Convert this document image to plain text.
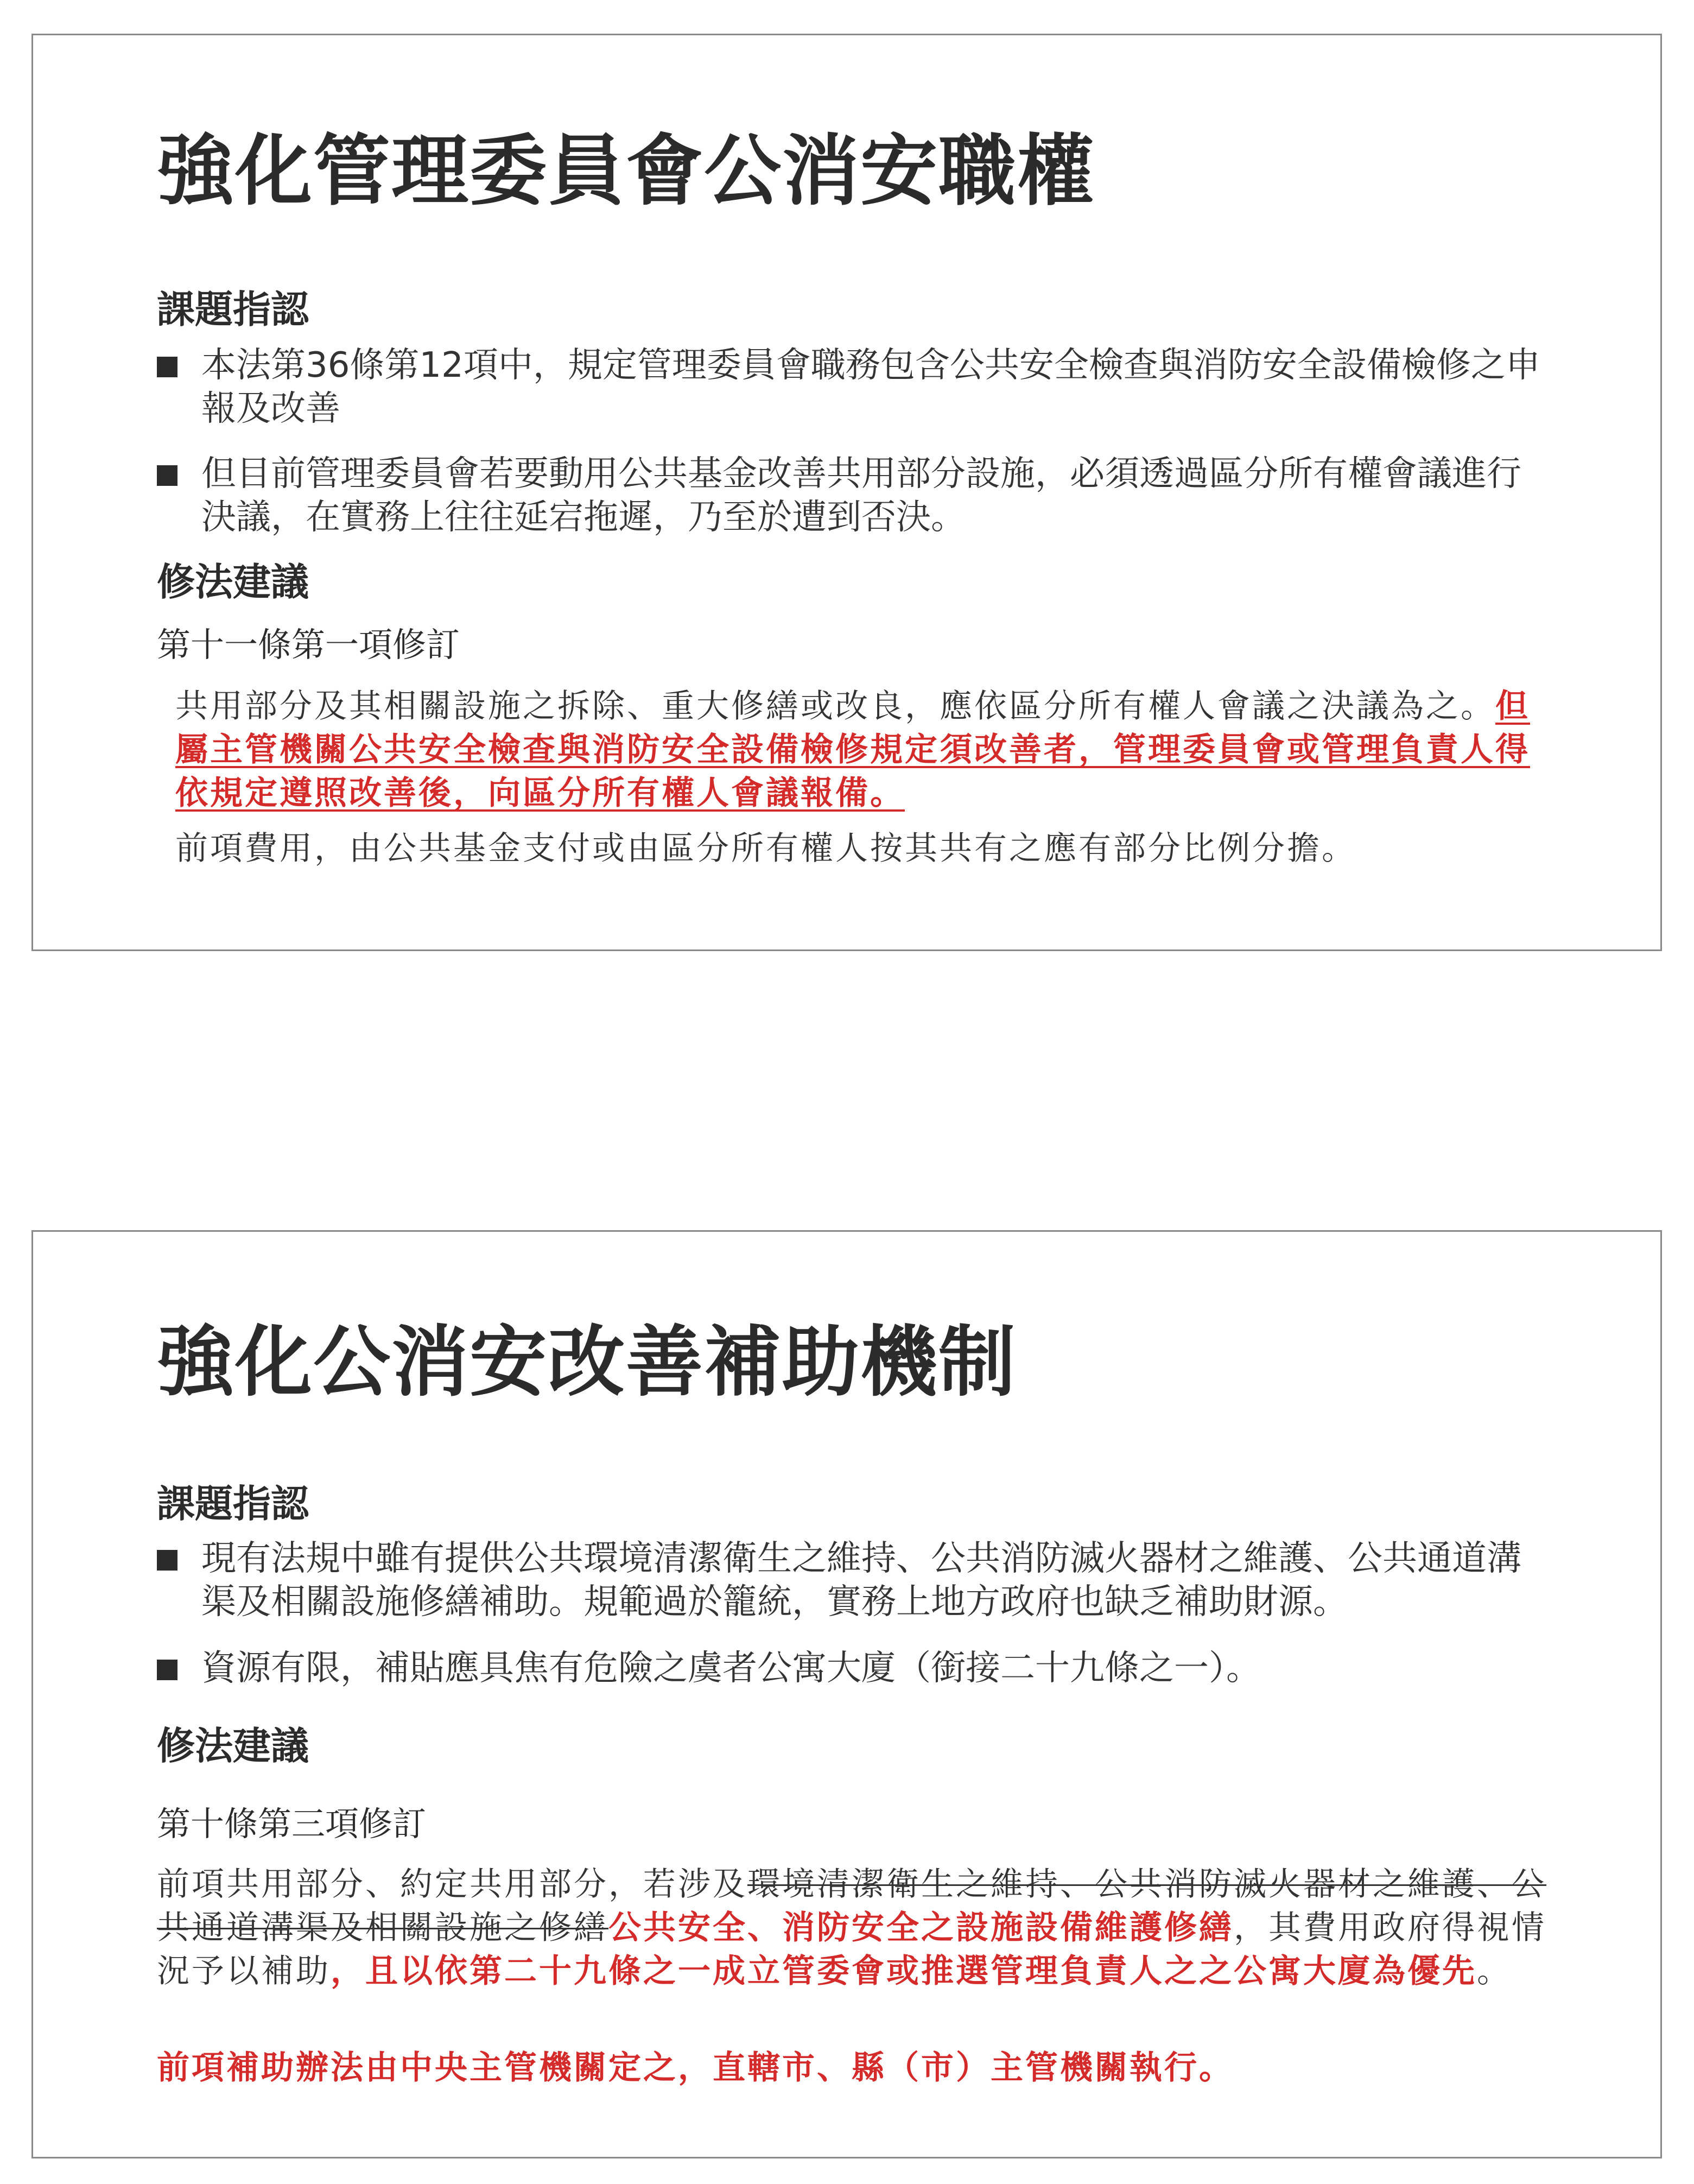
強化管理委員會公消安職權
課題指認
本法第36條第12項中，規定管理委員會職務包含公共安全檢查與消防安全設備檢修之申報及改善
但目前管理委員會若要動用公共基金改善共用部分設施，必須透過區分所有權會議進行決議，在實務上往往延宕拖遲，乃至於遭到否決。
修法建議
第十一條第一項修訂
共用部分及其相關設施之拆除、重大修繕或改良，應依區分所有權人會議之決議為之。但屬主管機關公共安全檢查與消防安全設備檢修規定須改善者，管理委員會或管理負責人得依規定遵照改善後，向區分所有權人會議報備。
前項費用，由公共基金支付或由區分所有權人按其共有之應有部分比例分擔。
強化公消安改善補助機制
課題指認
現有法規中雖有提供公共環境清潔衛生之維持、公共消防滅火器材之維護、公共通道溝渠及相關設施修繕補助。規範過於籠統，實務上地方政府也缺乏補助財源。
資源有限，補貼應具焦有危險之虞者公寓大廈（銜接二十九條之一）。
修法建議
第十條第三項修訂
前項共用部分、約定共用部分，若涉及環境清潔衛生之維持、公共消防滅火器材之維護、公共通道溝渠及相關設施之修繕公共安全、消防安全之設施設備維護修繕，其費用政府得視情況予以補助，且以依第二十九條之一成立管委會或推選管理負責人之之公寓大廈為優先。
前項補助辦法由中央主管機關定之，直轄市、縣（市）主管機關執行。
